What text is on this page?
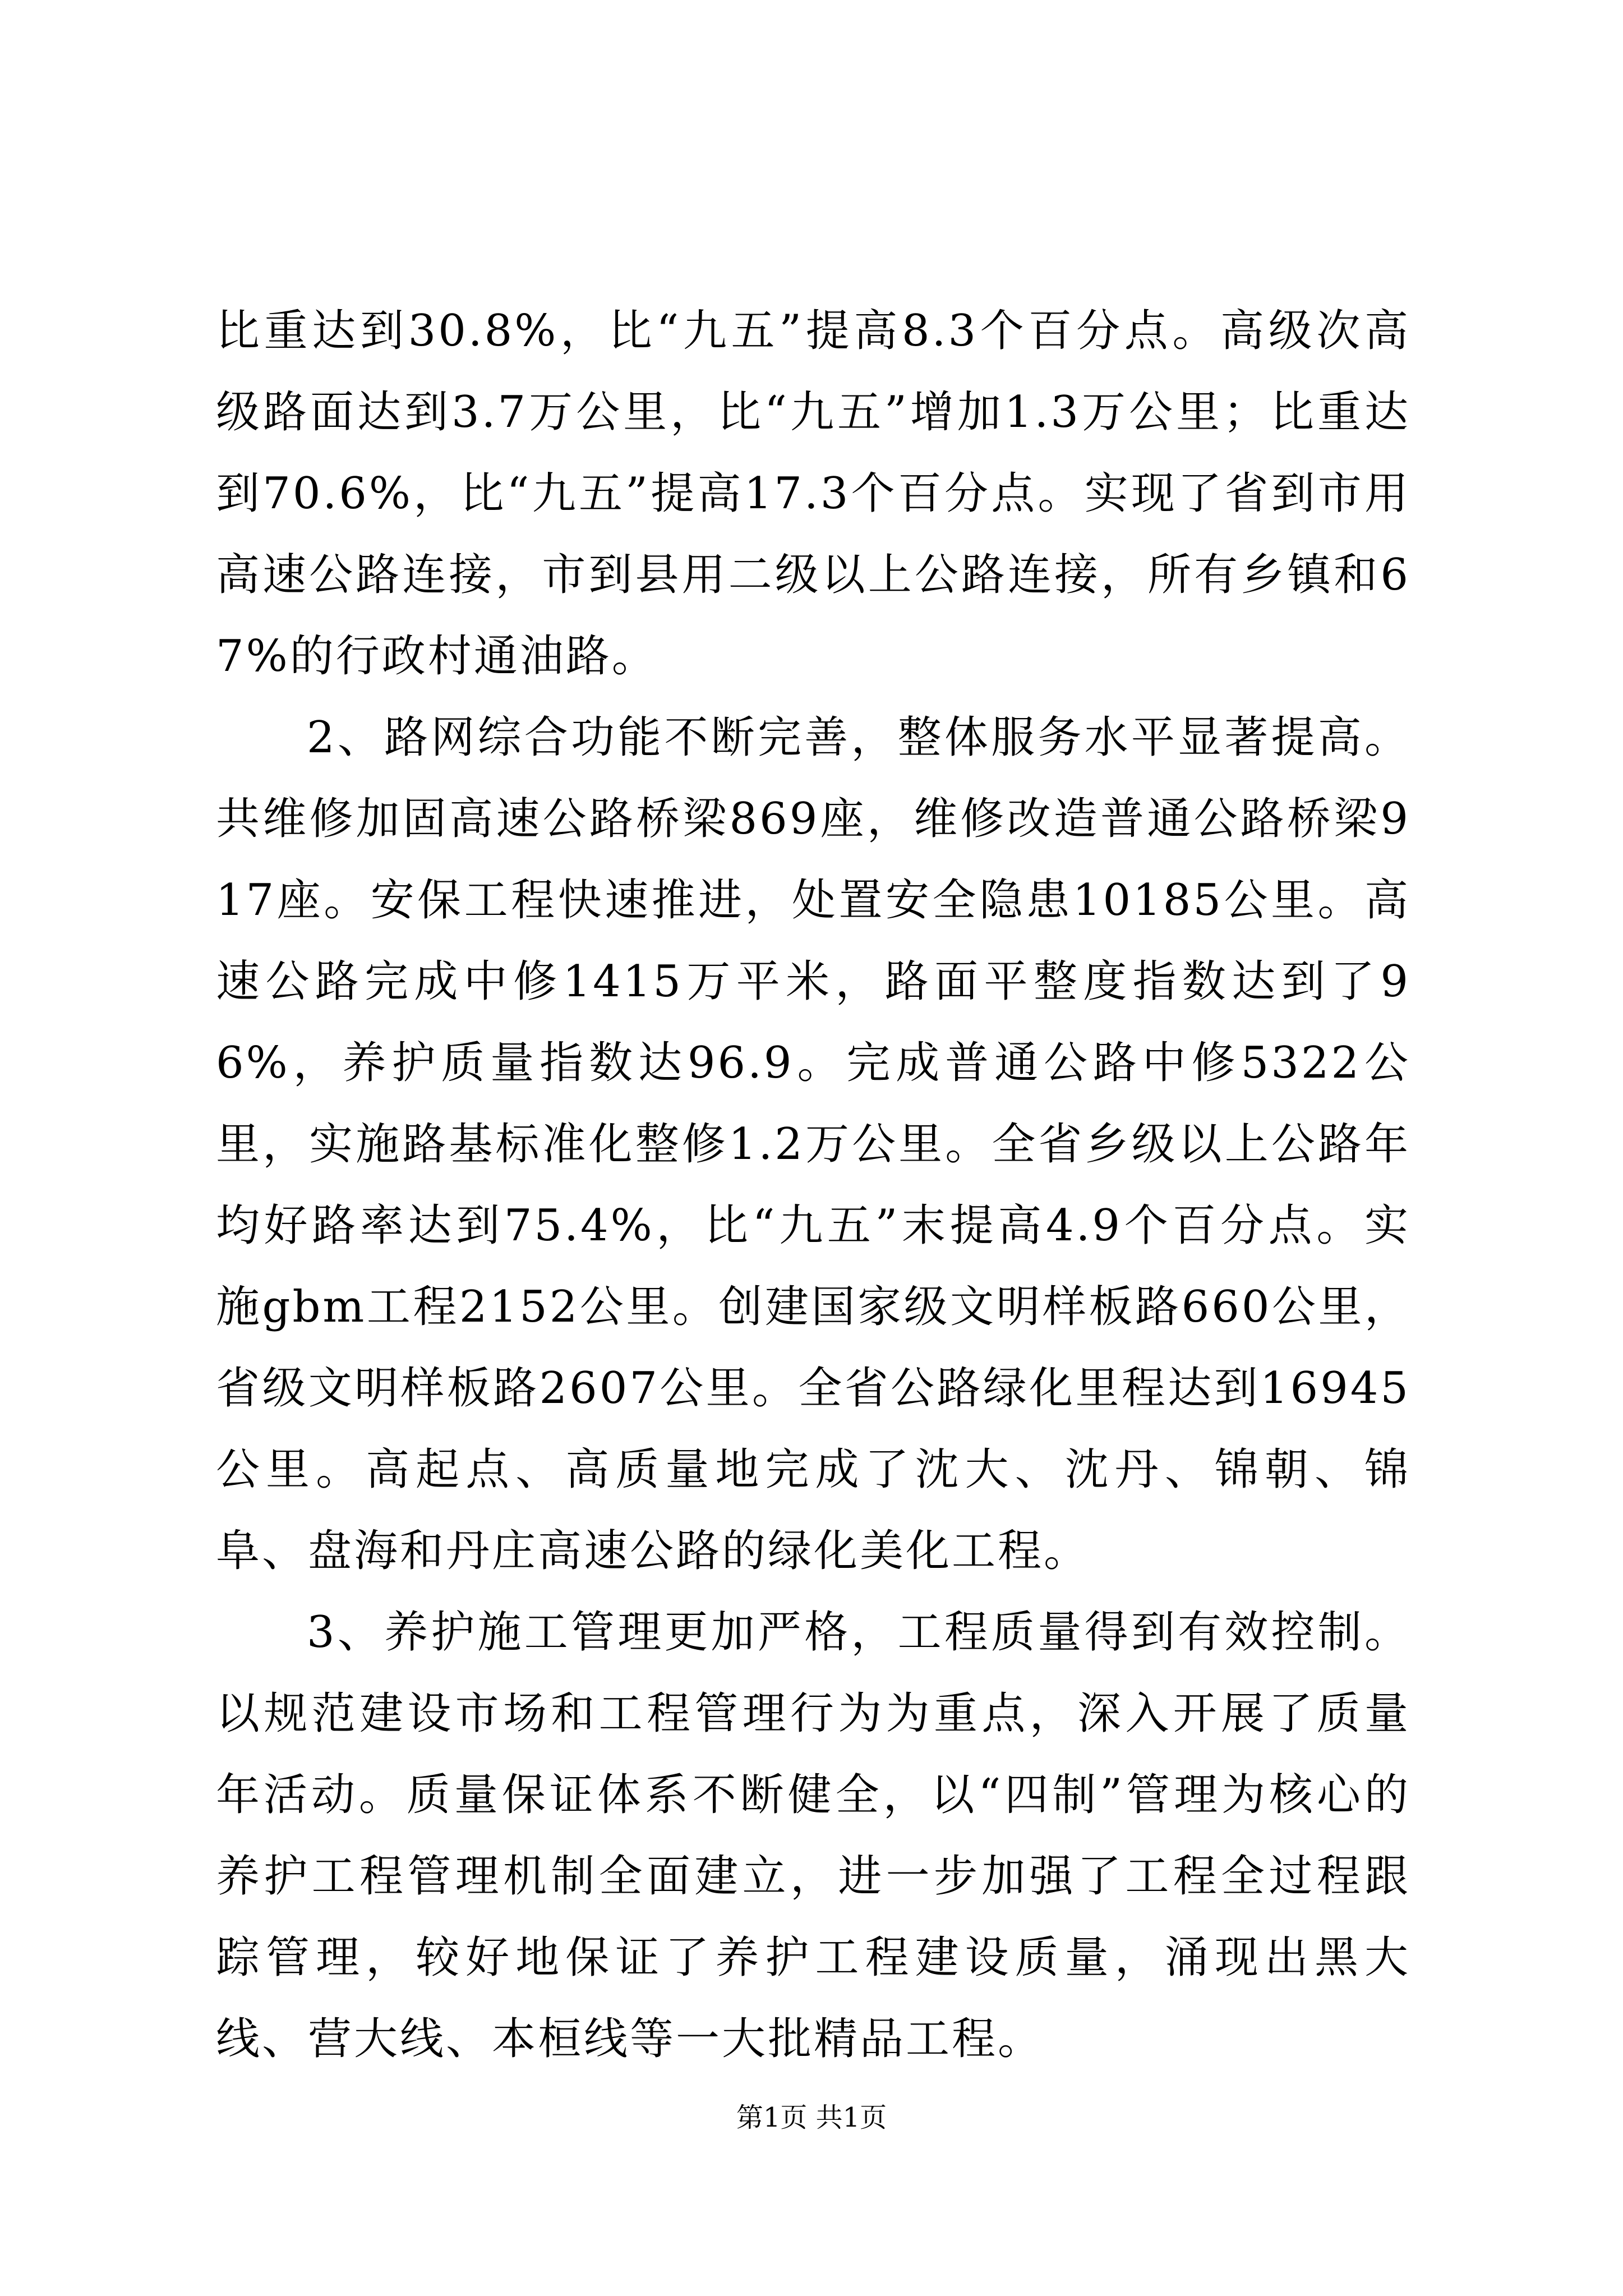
比重达到30.8%，比“九五”提高8.3个百分点。高级次高级路面达到3.7万公里，比“九五”增加1.3万公里；比重达到70.6%，比“九五”提高17.3个百分点。实现了省到市用高速公路连接，市到县用二级以上公路连接，所有乡镇和67%的行政村通油路。

2、路网综合功能不断完善，整体服务水平显著提高。共维修加固高速公路桥梁869座，维修改造普通公路桥梁917座。安保工程快速推进，处置安全隐患10185公里。高速公路完成中修1415万平米，路面平整度指数达到了96%，养护质量指数达96.9。完成普通公路中修5322公里，实施路基标准化整修1.2万公里。全省乡级以上公路年均好路率达到75.4%，比“九五”末提高4.9个百分点。实施gbm工程2152公里。创建国家级文明样板路660公里，省级文明样板路2607公里。全省公路绿化里程达到16945公里。高起点、高质量地完成了沈大、沈丹、锦朝、锦阜、盘海和丹庄高速公路的绿化美化工程。

3、养护施工管理更加严格，工程质量得到有效控制。以规范建设市场和工程管理行为为重点，深入开展了质量年活动。质量保证体系不断健全，以“四制”管理为核心的养护工程管理机制全面建立，进一步加强了工程全过程跟踪管理，较好地保证了养护工程建设质量，涌现出黑大线、营大线、本桓线等一大批精品工程。

第1页 共1页
